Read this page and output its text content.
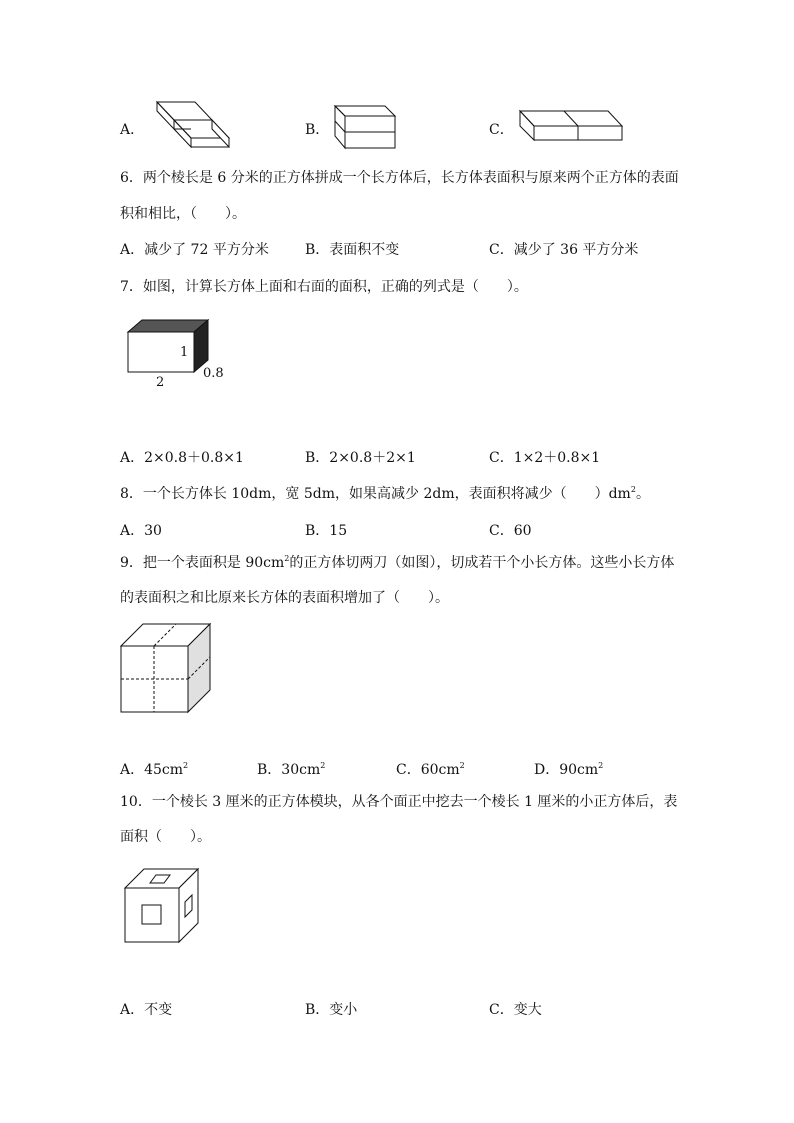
A．	B．	C．
6．两个棱长是 6 分米的正方体拼成一个长方体后，长方体表面积与原来两个正方体的表面
积和相比，（　　）。
A．减少了 72 平方分米	B．表面积不变	C．减少了 36 平方分米
7．如图，计算长方体上面和右面的面积，正确的列式是（　　）。
1
0.8
2
A．2×0.8＋0.8×1	B．2×0.8＋2×1	C．1×2＋0.8×1
8．一个长方体长 10dm，宽 5dm，如果高减少 2dm，表面积将减少（　　）$dm^2$。
A．30	B．15	C．60
9．把一个表面积是 $90cm^2$的正方体切两刀（如图），切成若干个小长方体。这些小长方体
的表面积之和比原来长方体的表面积增加了（　　）。
A．$45cm^2$	B．$30cm^2$	C．$60cm^2$	D．$90cm^2$
10．一个棱长 3 厘米的正方体模块，从各个面正中挖去一个棱长 1 厘米的小正方体后，表
面积（　　）。
A．不变	B．变小	C．变大
